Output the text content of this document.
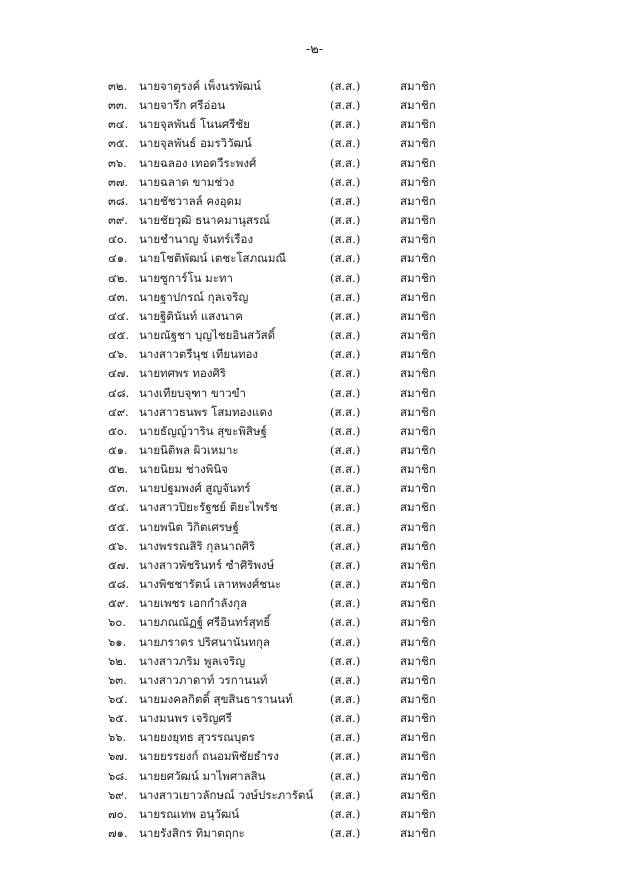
-๒-
๓๒.	นายจาตุรงค์ เพ็งนรพัฒน์	(ส.ส.)	สมาชิก
๓๓.	นายจารึก ศรีอ่อน	(ส.ส.)	สมาชิก
๓๔. นายจุลพันธ์ โนนศรีชัย	(ส.ส.)	สมาชิก
๓๕. นายจุลพันธ์ อมรวิวัฒน์	(ส.ส.)	สมาชิก
๓๖.	นายฉลอง เทอดวีระพงศ์	(ส.ส.)	สมาชิก
๓๗. นายฉลาด ขามช่วง	(ส.ส.)	สมาชิก
๓๘. นายชัชวาลล์ คงอุดม	(ส.ส.)	สมาชิก
๓๙. นายชัยวุฒิ ธนาคมานุสรณ์	(ส.ส.)	สมาชิก
๔๐.	นายชำนาญ จันทร์เรือง	(ส.ส.)	สมาชิก
๔๑. นายโชติพัฒน์ เตชะโสภณมณี	(ส.ส.)	สมาชิก
๔๒. นายซูการ์โน มะทา	(ส.ส.)	สมาชิก
๔๓. นายฐาปกรณ์ กุลเจริญ	(ส.ส.)	สมาชิก
๔๔. นายฐิตินันท์ แสงนาค	(ส.ส.)	สมาชิก
๔๕. นายณัฐชา บุญไชยอินสวัสดิ์	(ส.ส.)	สมาชิก
๔๖. นางสาวตรีนุช เทียนทอง	(ส.ส.)	สมาชิก
๔๗. นายทศพร ทองศิริ	(ส.ส.)	สมาชิก
๔๘. นางเทียบจุฑา ขาวขำ	(ส.ส.)	สมาชิก
๔๙. นางสาวธนพร โสมทองแดง	(ส.ส.)	สมาชิก
๕๐.	นายธัญญ์วาริน สุขะพิสิษฐ์	(ส.ส.)	สมาชิก
๕๑. นายนิติพล ผิวเหมาะ	(ส.ส.)	สมาชิก
๕๒. นายนิยม ช่างพินิจ	(ส.ส.)	สมาชิก
๕๓. นายปฐมพงศ์ สูญจันทร์	(ส.ส.)	สมาชิก
๕๔. นางสาวปิยะรัฐชย์ ติยะไพรัช	(ส.ส.)	สมาชิก
๕๕. นายพนิต วิกิตเศรษฐ์	(ส.ส.)	สมาชิก
๕๖. นางพรรณสิริ กุลนาถศิริ	(ส.ส.)	สมาชิก
๕๗. นางสาวพัชรินทร์ ซำศิริพงษ์	(ส.ส.)	สมาชิก
๕๘. นางพิชชารัตน์ เลาหพงศ์ชนะ	(ส.ส.)	สมาชิก
๕๙. นายเพชร เอกกำลังกุล	(ส.ส.)	สมาชิก
๖๐.	นายภณณัฏฐ์ ศรีอินทร์สุทธิ์	(ส.ส.)	สมาชิก
๖๑.	นายภราดร ปริศนานันทกุล	(ส.ส.)	สมาชิก
๖๒.	นางสาวภริม พูลเจริญ	(ส.ส.)	สมาชิก
๖๓.	นางสาวภาดาท์ วรกานนท์	(ส.ส.)	สมาชิก
๖๔. นายมงคลกิตติ์ สุขสินธารานนท์	(ส.ส.)	สมาชิก
๖๕. นางมนพร เจริญศรี	(ส.ส.)	สมาชิก
๖๖.	นายยงยุทธ สุวรรณบุตร	(ส.ส.)	สมาชิก
๖๗. นายยรรยงก์ ถนอมพิชัยธำรง	(ส.ส.)	สมาชิก
๖๘. นายยศวัฒน์ มาไพศาลสิน	(ส.ส.)	สมาชิก
๖๙.	นางสาวเยาวลักษณ์ วงษ์ประภารัตน์	(ส.ส.)	สมาชิก
๗๐.	นายรณเทพ อนุวัฒน์	(ส.ส.)	สมาชิก
๗๑. นายรังสิกร ทิมาตฤกะ	(ส.ส.)	สมาชิก
